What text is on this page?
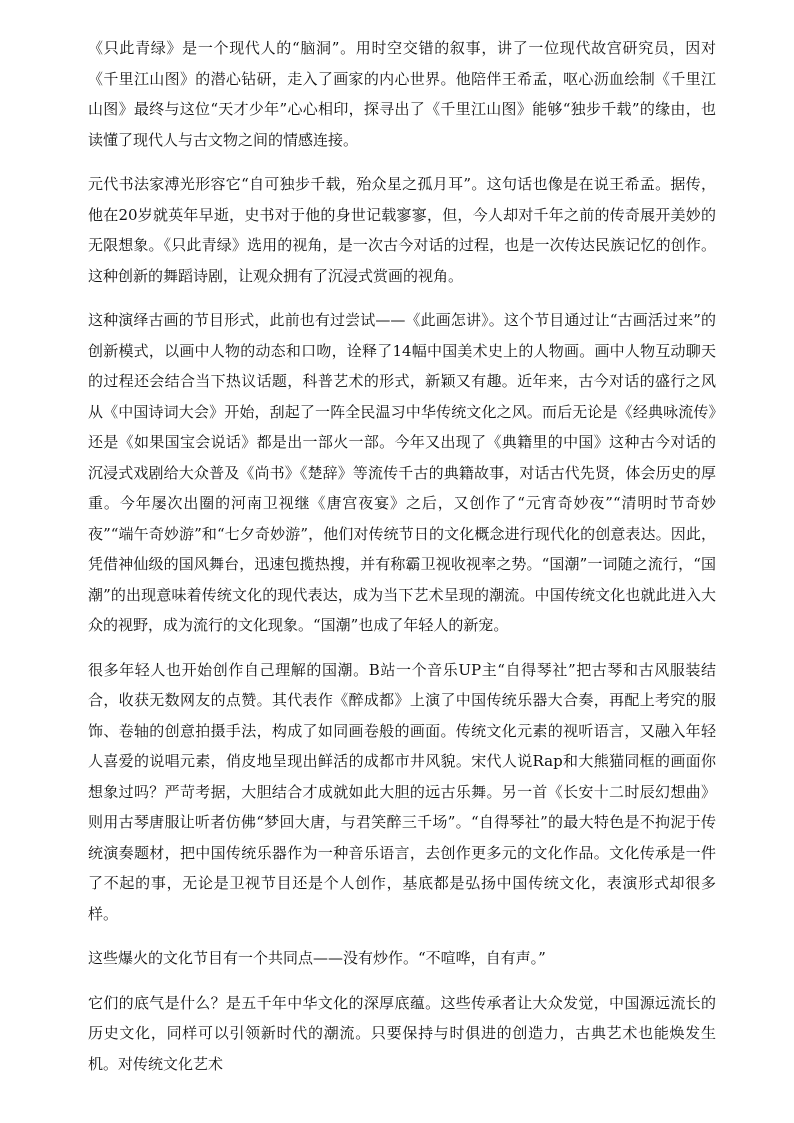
《只此青绿》是一个现代人的“脑洞”。用时空交错的叙事，讲了一位现代故宫研究员，因对《千里江山图》的潜心钻研，走入了画家的内心世界。他陪伴王希孟，呕心沥血绘制《千里江山图》最终与这位“天才少年”心心相印，探寻出了《千里江山图》能够“独步千载”的缘由，也读懂了现代人与古文物之间的情感连接。

元代书法家溥光形容它“自可独步千载，殆众星之孤月耳”。这句话也像是在说王希孟。据传，他在20岁就英年早逝，史书对于他的身世记载寥寥，但，今人却对千年之前的传奇展开美妙的无限想象。《只此青绿》选用的视角，是一次古今对话的过程，也是一次传达民族记忆的创作。这种创新的舞蹈诗剧，让观众拥有了沉浸式赏画的视角。

这种演绎古画的节目形式，此前也有过尝试——《此画怎讲》。这个节目通过让“古画活过来”的创新模式，以画中人物的动态和口吻，诠释了14幅中国美术史上的人物画。画中人物互动聊天的过程还会结合当下热议话题，科普艺术的形式，新颖又有趣。近年来，古今对话的盛行之风从《中国诗词大会》开始，刮起了一阵全民温习中华传统文化之风。而后无论是《经典咏流传》还是《如果国宝会说话》都是出一部火一部。今年又出现了《典籍里的中国》这种古今对话的沉浸式戏剧给大众普及《尚书》《楚辞》等流传千古的典籍故事，对话古代先贤，体会历史的厚重。今年屡次出圈的河南卫视继《唐宫夜宴》之后，又创作了“元宵奇妙夜”“清明时节奇妙夜”“端午奇妙游”和“七夕奇妙游”，他们对传统节日的文化概念进行现代化的创意表达。因此，凭借神仙级的国风舞台，迅速包揽热搜，并有称霸卫视收视率之势。“国潮”一词随之流行，“国潮”的出现意味着传统文化的现代表达，成为当下艺术呈现的潮流。中国传统文化也就此进入大众的视野，成为流行的文化现象。“国潮”也成了年轻人的新宠。

很多年轻人也开始创作自己理解的国潮。B站一个音乐UP主“自得琴社”把古琴和古风服装结合，收获无数网友的点赞。其代表作《醉成都》上演了中国传统乐器大合奏，再配上考究的服饰、卷轴的创意拍摄手法，构成了如同画卷般的画面。传统文化元素的视听语言，又融入年轻人喜爱的说唱元素，俏皮地呈现出鲜活的成都市井风貌。宋代人说Rap和大熊猫同框的画面你想象过吗？严苛考据，大胆结合才成就如此大胆的远古乐舞。另一首《长安十二时辰幻想曲》则用古琴唐服让听者仿佛“梦回大唐，与君笑醉三千场”。“自得琴社”的最大特色是不拘泥于传统演奏题材，把中国传统乐器作为一种音乐语言，去创作更多元的文化作品。文化传承是一件了不起的事，无论是卫视节目还是个人创作，基底都是弘扬中国传统文化，表演形式却很多样。

这些爆火的文化节目有一个共同点——没有炒作。“不喧哗，自有声。”

它们的底气是什么？是五千年中华文化的深厚底蕴。这些传承者让大众发觉，中国源远流长的历史文化，同样可以引领新时代的潮流。只要保持与时俱进的创造力，古典艺术也能焕发生机。对传统文化艺术
